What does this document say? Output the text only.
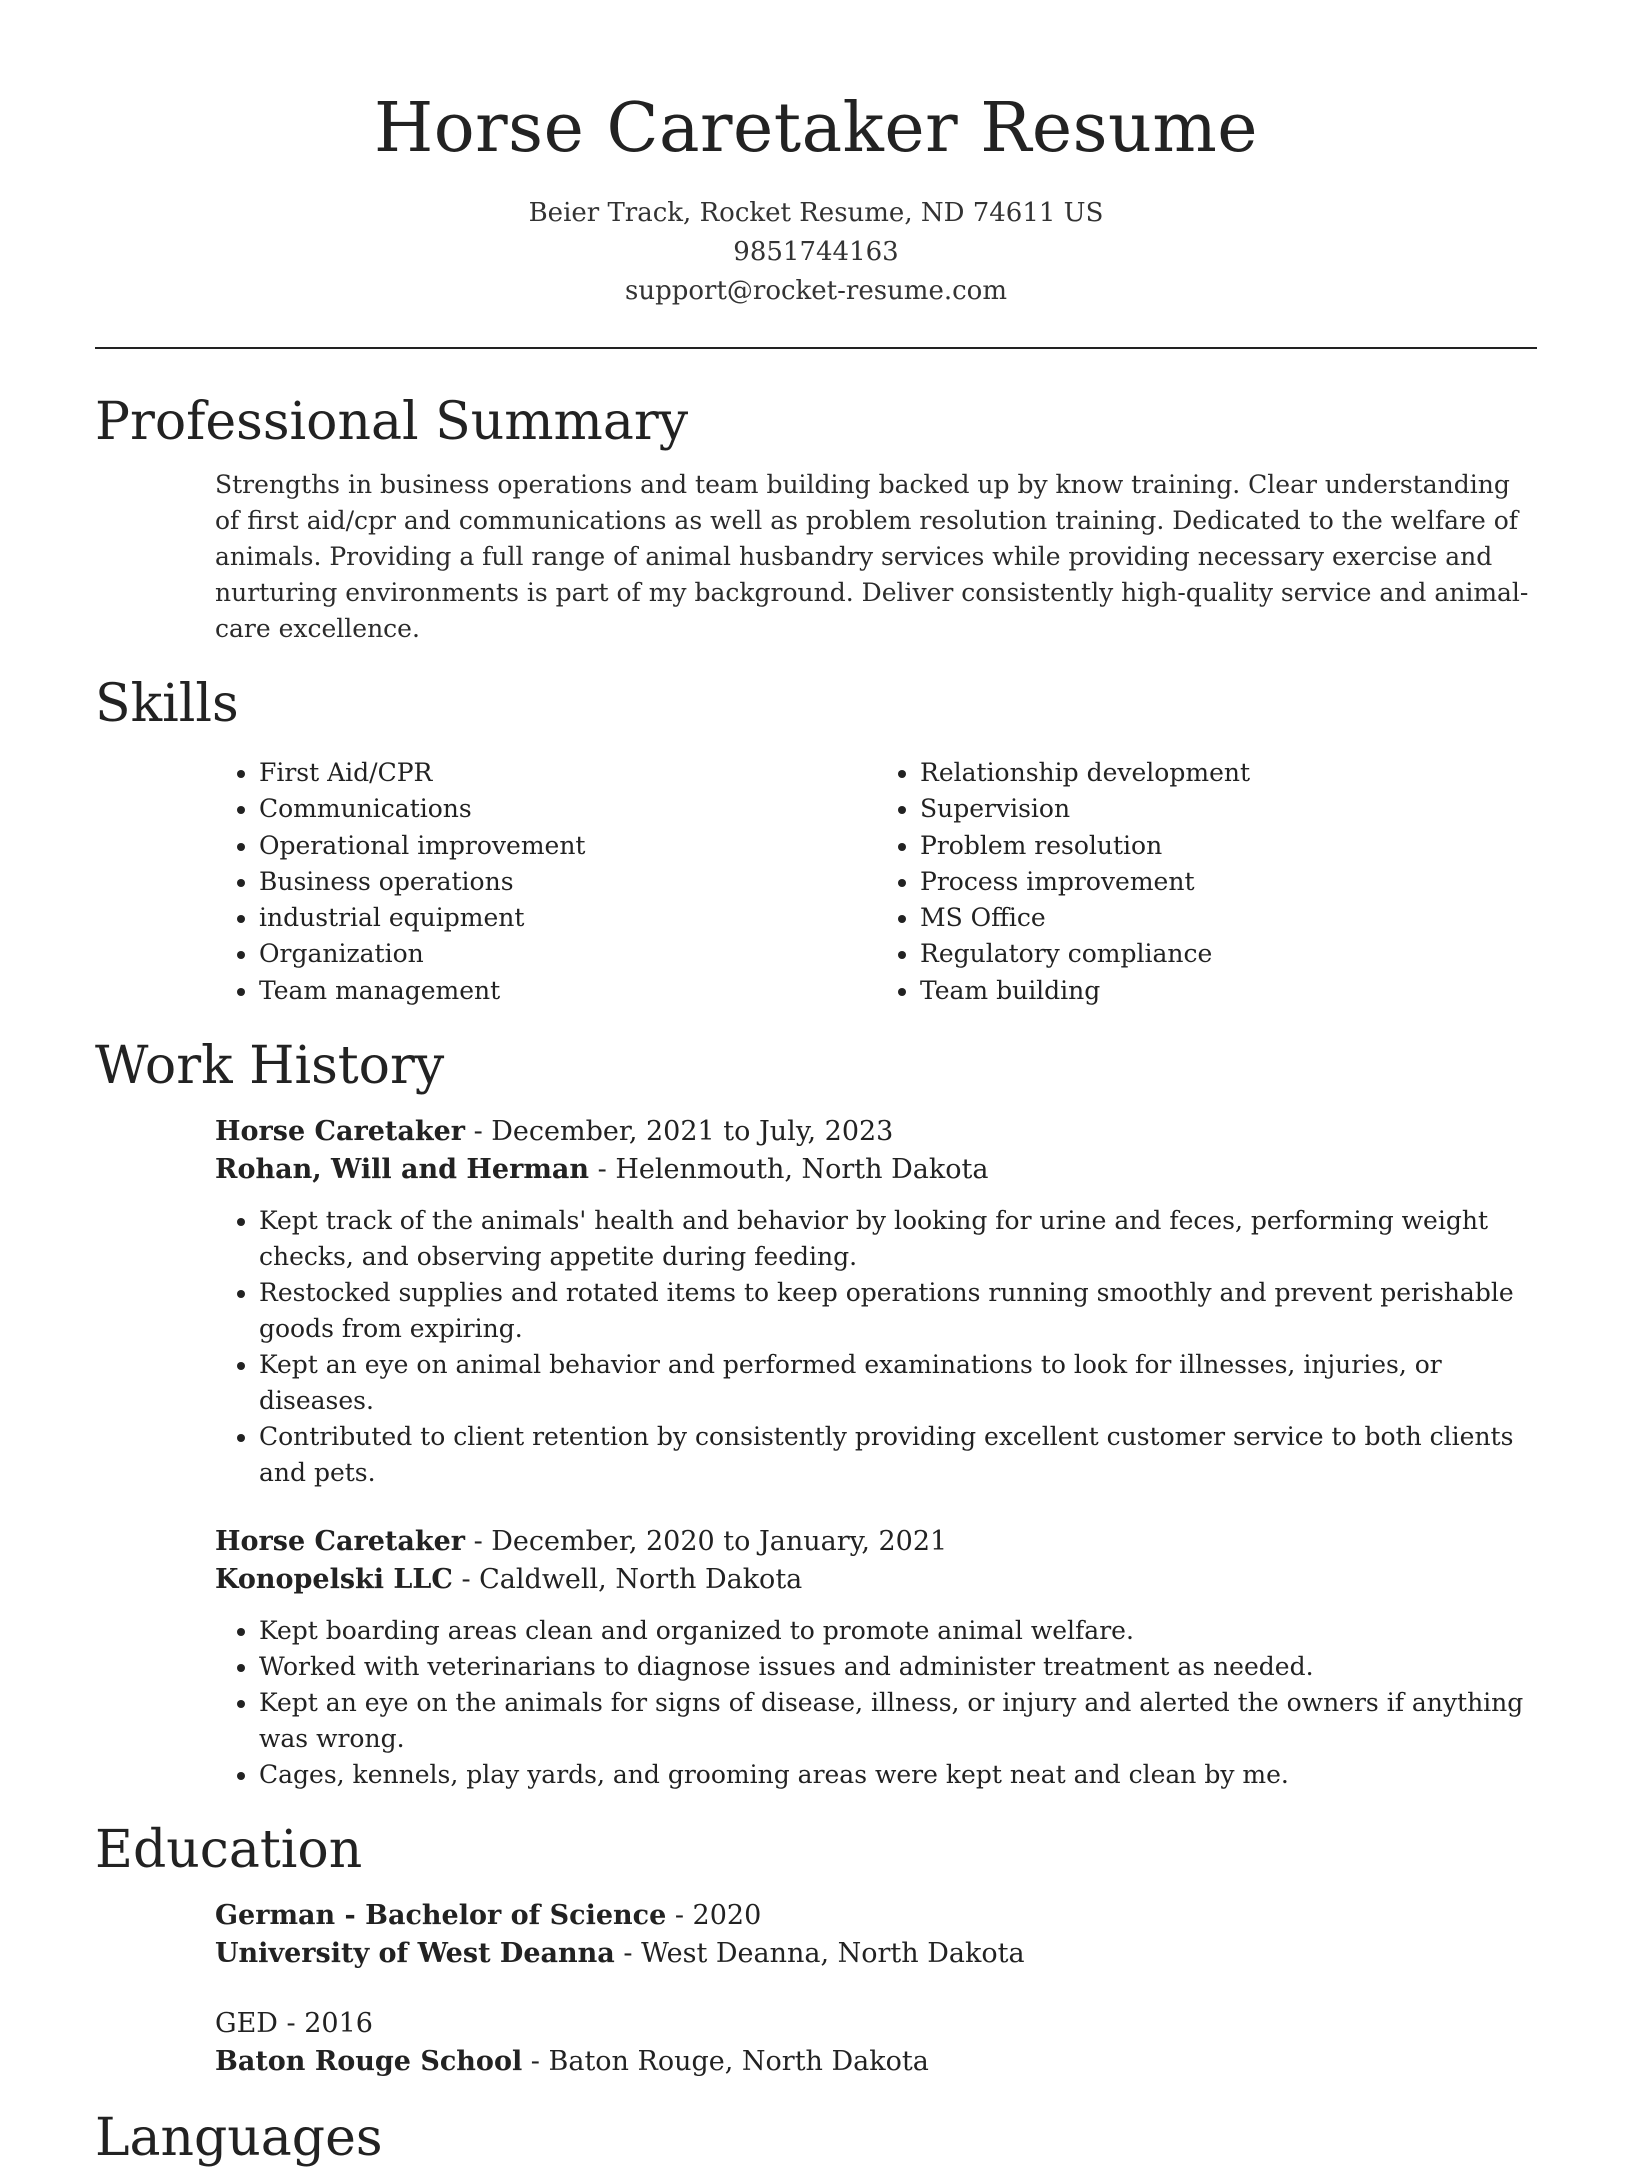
Horse Caretaker Resume
Beier Track, Rocket Resume, ND 74611 US
9851744163
support@rocket-resume.com
Professional Summary

Strengths in business operations and team building backed up by know training. Clear understanding of first aid/cpr and communications as well as problem resolution training. Dedicated to the welfare of animals. Providing a full range of animal husbandry services while providing necessary exercise and nurturing environments is part of my background. Deliver consistently high-quality service and animal-care excellence.

Skills
• First Aid/CPR
• Communications
• Operational improvement
• Business operations
• industrial equipment
• Organization
• Team management
• Relationship development
• Supervision
• Problem resolution
• Process improvement
• MS Office
• Regulatory compliance
• Team building
Work History
Horse Caretaker - December, 2021 to July, 2023
Rohan, Will and Herman - Helenmouth, North Dakota
• Kept track of the animals' health and behavior by looking for urine and feces, performing weight checks, and observing appetite during feeding.
• Restocked supplies and rotated items to keep operations running smoothly and prevent perishable goods from expiring.
• Kept an eye on animal behavior and performed examinations to look for illnesses, injuries, or diseases.
• Contributed to client retention by consistently providing excellent customer service to both clients and pets.
Horse Caretaker - December, 2020 to January, 2021
Konopelski LLC - Caldwell, North Dakota
• Kept boarding areas clean and organized to promote animal welfare.
• Worked with veterinarians to diagnose issues and administer treatment as needed.
• Kept an eye on the animals for signs of disease, illness, or injury and alerted the owners if anything was wrong.
• Cages, kennels, play yards, and grooming areas were kept neat and clean by me.
Education
German - Bachelor of Science - 2020
University of West Deanna - West Deanna, North Dakota
GED - 2016
Baton Rouge School - Baton Rouge, North Dakota
Languages
